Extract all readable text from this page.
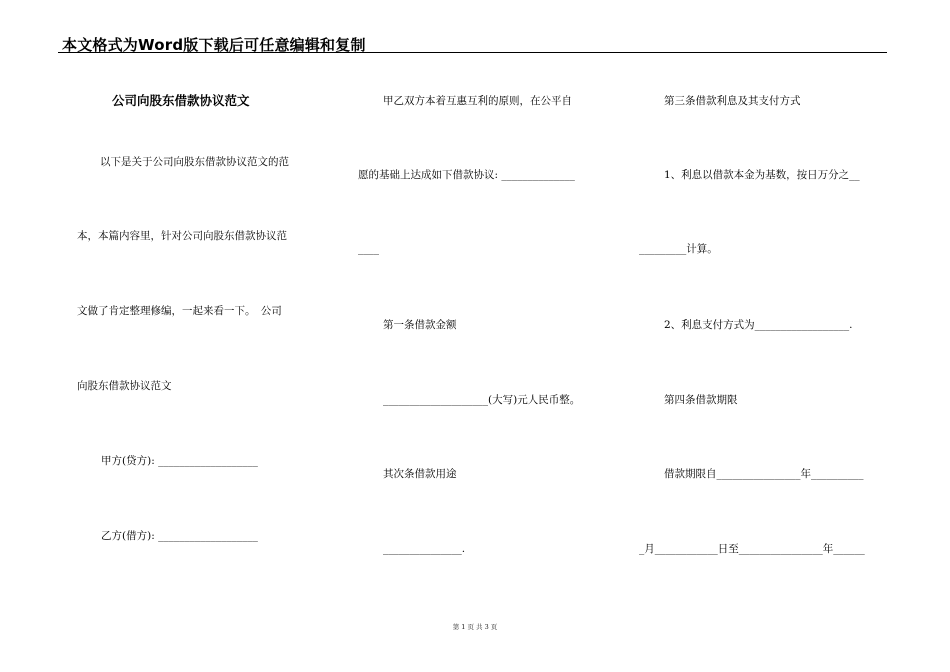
本文格式为Word版下载后可任意编辑和复制
公司向股东借款协议范文
以下是关于公司向股东借款协议范文的范
本，本篇内容里，针对公司向股东借款协议范
文做了肯定整理修编，一起来看一下。　公司
向股东借款协议范文
甲方(贷方): ___________________
乙方(借方): ___________________
甲乙双方本着互惠互利的原则，在公平自
愿的基础上达成如下借款协议: ______________
____
第一条借款金额
____________________(大写)元人民币整。
其次条借款用途
_______________.
第三条借款利息及其支付方式
1、利息以借款本金为基数，按日万分之__
_________计算。
2、利息支付方式为__________________.
第四条借款期限
借款期限自________________年__________
_月____________日至________________年______
第 1 页 共 3 页
